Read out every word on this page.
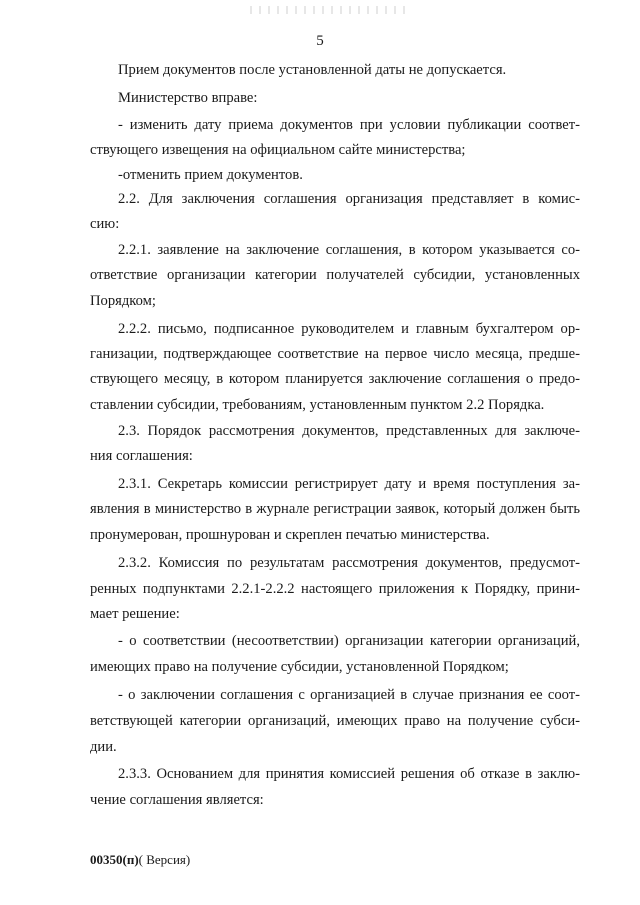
5
Прием документов после установленной даты не допускается.
Министерство вправе:
- изменить дату приема документов при условии публикации соответ-
ствующего извещения на официальном сайте министерства;
-отменить прием документов.
2.2. Для заключения соглашения организация представляет в комис-
сию:
2.2.1. заявление на заключение соглашения, в котором указывается со-
ответствие организации категории получателей субсидии, установленных
Порядком;
2.2.2. письмо, подписанное руководителем и главным бухгалтером ор-
ганизации, подтверждающее соответствие на первое число месяца, предше-
ствующего месяцу, в котором планируется заключение соглашения о предо-
ставлении субсидии, требованиям, установленным пунктом 2.2 Порядка.
2.3. Порядок рассмотрения документов, представленных для заключе-
ния соглашения:
2.3.1. Секретарь комиссии регистрирует дату и время поступления за-
явления в министерство в журнале регистрации заявок, который должен быть
пронумерован, прошнурован и скреплен печатью министерства.
2.3.2. Комиссия по результатам рассмотрения документов, предусмот-
ренных подпунктами 2.2.1-2.2.2 настоящего приложения к Порядку, прини-
мает решение:
- о соответствии (несоответствии) организации категории организаций,
имеющих право на получение субсидии, установленной Порядком;
- о заключении соглашения с организацией в случае признания ее соот-
ветствующей категории организаций, имеющих право на получение субси-
дии.
2.3.3. Основанием для принятия комиссией решения об отказе в заклю-
чение соглашения является:
00350(п)( Версия)
